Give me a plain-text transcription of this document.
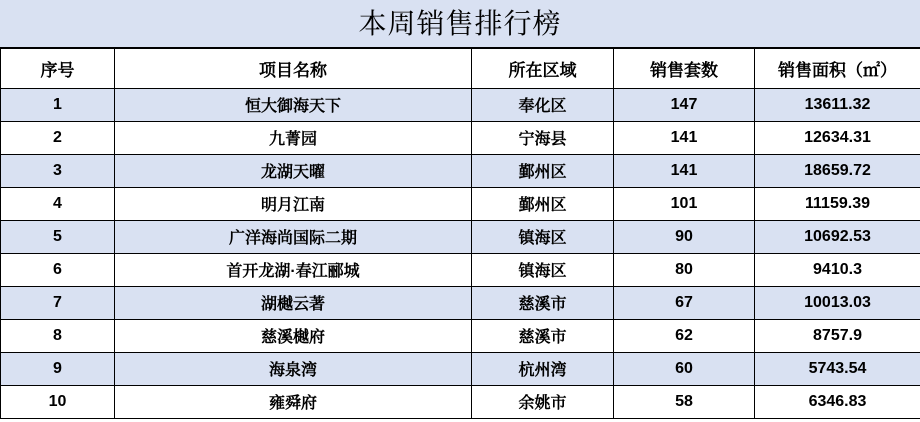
本周销售排行榜
序号	项目名称	所在区域	销售套数	销售面积（㎡）
1	恒大御海天下	奉化区	147	13611.32
2	九菁园	宁海县	141	12634.31
3	龙湖天曜	鄞州区	141	18659.72
4	明月江南	鄞州区	101	11159.39
5	广洋海尚国际二期	镇海区	90	10692.53
6	首开龙湖·春江郦城	镇海区	80	9410.3
7	湖樾云著	慈溪市	67	10013.03
8	慈溪樾府	慈溪市	62	8757.9
9	海泉湾	杭州湾	60	5743.54
10	雍舜府	余姚市	58	6346.83
